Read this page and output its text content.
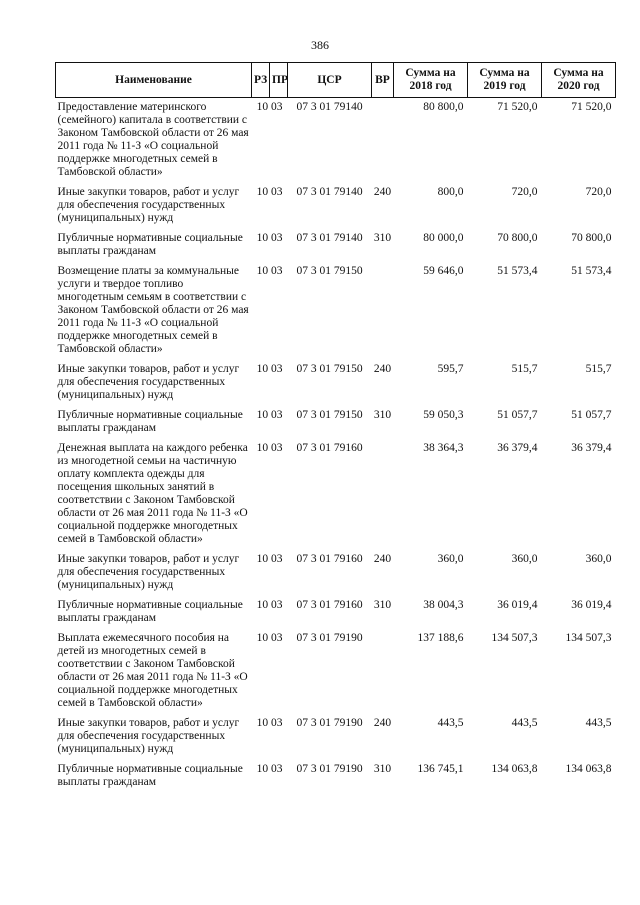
386
Наименование	РЗ	ПР	ЦСР	ВР	Сумма на 2018 год	Сумма на 2019 год	Сумма на 2020 год
Предоставление материнского (семейного) капитала в соответствии с Законом Тамбовской области от 26 мая 2011 года № 11-З «О социальной поддержке многодетных семей в Тамбовской области»	10 03		07 3 01 79140		80 800,0	71 520,0	71 520,0
Иные закупки товаров, работ и услуг для обеспечения государственных (муниципальных) нужд	10 03		07 3 01 79140	240	800,0	720,0	720,0
Публичные нормативные социальные выплаты гражданам	10 03		07 3 01 79140	310	80 000,0	70 800,0	70 800,0
Возмещение платы за коммунальные услуги и твердое топливо многодетным семьям в соответствии с Законом Тамбовской области от 26 мая 2011 года № 11-З «О социальной поддержке многодетных семей в Тамбовской области»	10 03		07 3 01 79150		59 646,0	51 573,4	51 573,4
Иные закупки товаров, работ и услуг для обеспечения государственных (муниципальных) нужд	10 03		07 3 01 79150	240	595,7	515,7	515,7
Публичные нормативные социальные выплаты гражданам	10 03		07 3 01 79150	310	59 050,3	51 057,7	51 057,7
Денежная выплата на каждого ребенка из многодетной семьи на частичную оплату комплекта одежды для посещения школьных занятий в соответствии с Законом Тамбовской области от 26 мая 2011 года № 11-З «О социальной поддержке многодетных семей в Тамбовской области»	10 03		07 3 01 79160		38 364,3	36 379,4	36 379,4
Иные закупки товаров, работ и услуг для обеспечения государственных (муниципальных) нужд	10 03		07 3 01 79160	240	360,0	360,0	360,0
Публичные нормативные социальные выплаты гражданам	10 03		07 3 01 79160	310	38 004,3	36 019,4	36 019,4
Выплата ежемесячного пособия на детей из многодетных семей в соответствии с Законом Тамбовской области от 26 мая 2011 года № 11-З «О социальной поддержке многодетных семей в Тамбовской области»	10 03		07 3 01 79190		137 188,6	134 507,3	134 507,3
Иные закупки товаров, работ и услуг для обеспечения государственных (муниципальных) нужд	10 03		07 3 01 79190	240	443,5	443,5	443,5
Публичные нормативные социальные выплаты гражданам	10 03		07 3 01 79190	310	136 745,1	134 063,8	134 063,8
